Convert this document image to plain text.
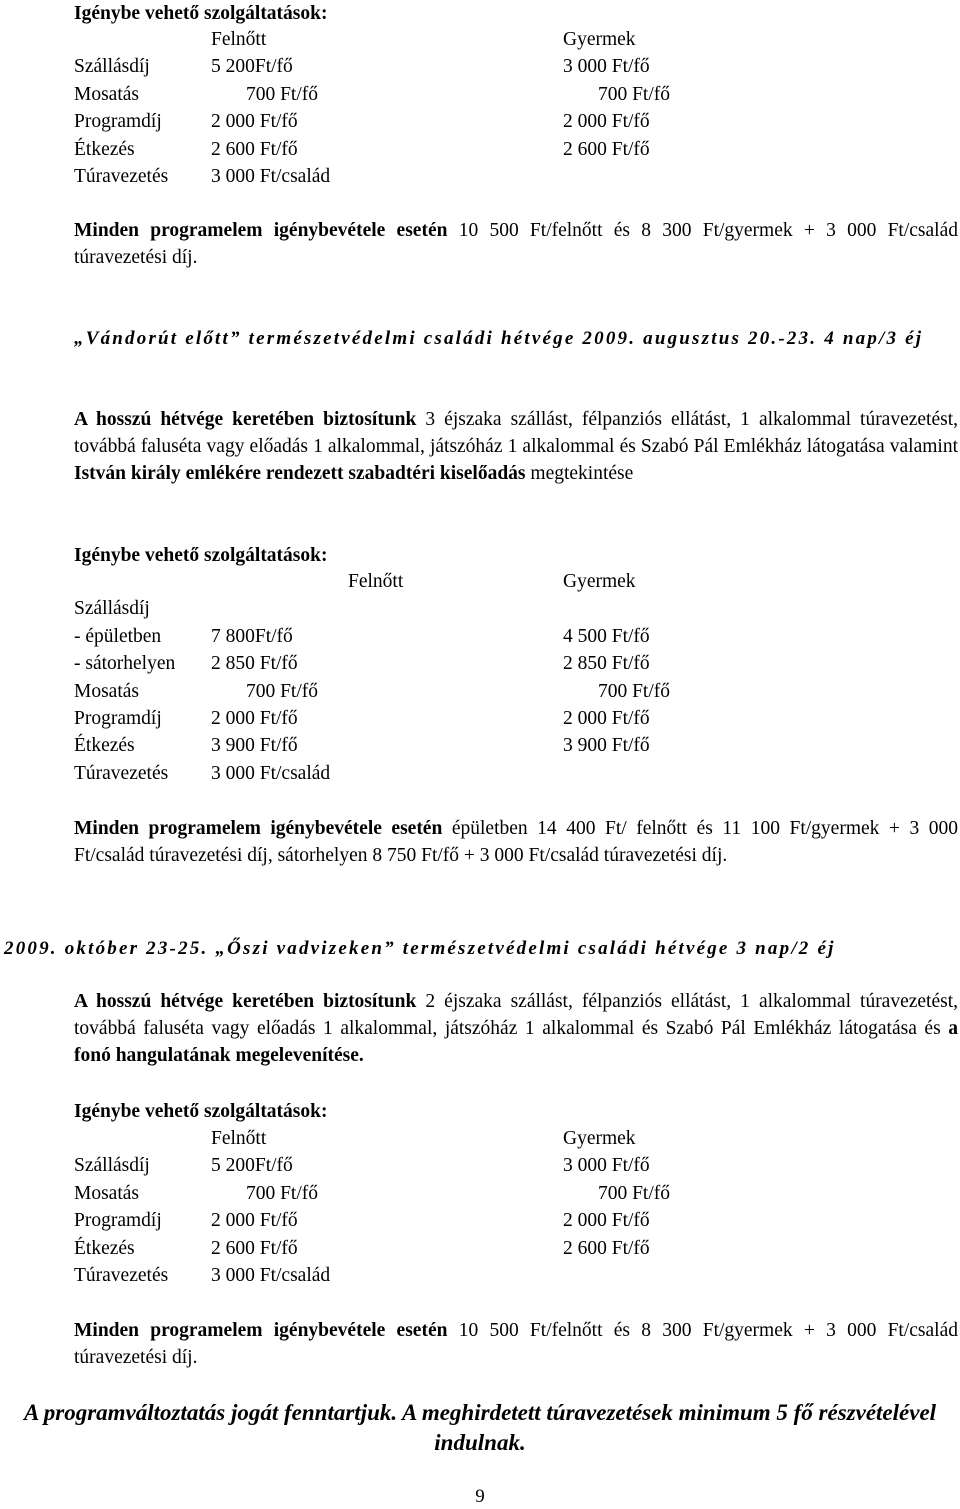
Igénybe vehető szolgáltatások:
	Felnőtt	Gyermek
Szállásdíj	5 200Ft/fő	3 000 Ft/fő
Mosatás	700 Ft/fő	700 Ft/fő

Programdíj	2 000 Ft/fő	2 000 Ft/fő
Étkezés	2 600 Ft/fő	2 600 Ft/fő
Túravezetés	3 000 Ft/család	
Minden programelem igénybevétele esetén 10 500 Ft/felnőtt és 8 300 Ft/gyermek + 3 000 Ft/család túravezetési díj.
„Vándorút előtt” természetvédelmi családi hétvége 2009. augusztus 20.-23. 4 nap/3 éj
A hosszú hétvége keretében biztosítunk 3 éjszaka szállást, félpanziós ellátást, 1 alkalommal túravezetést, továbbá faluséta vagy előadás 1 alkalommal, játszóház 1 alkalommal és Szabó Pál Emlékház látogatása valamint István király emlékére rendezett szabadtéri kiselőadás megtekintése
Igénybe vehető szolgáltatások:

	Felnőtt	Gyermek
Szállásdíj		
- épületben	7 800Ft/fő	4 500 Ft/fő
- sátorhelyen	2 850 Ft/fő	2 850 Ft/fő
Mosatás	700 Ft/fő	700 Ft/fő

Programdíj	2 000 Ft/fő	2 000 Ft/fő
Étkezés	3 900 Ft/fő	3 900 Ft/fő
Túravezetés	3 000 Ft/család	
Minden programelem igénybevétele esetén épületben 14 400 Ft/ felnőtt és 11 100 Ft/gyermek + 3 000 Ft/család túravezetési díj, sátorhelyen 8 750 Ft/fő + 3 000 Ft/család túravezetési díj.
2009. október 23-25. „Őszi vadvizeken” természetvédelmi családi hétvége 3 nap/2 éj
A hosszú hétvége keretében biztosítunk 2 éjszaka szállást, félpanziós ellátást, 1 alkalommal túravezetést, továbbá faluséta vagy előadás 1 alkalommal, játszóház 1 alkalommal és Szabó Pál Emlékház látogatása és a fonó hangulatának megelevenítése.
Igénybe vehető szolgáltatások:
	Felnőtt	Gyermek
Szállásdíj	5 200Ft/fő	3 000 Ft/fő
Mosatás	700 Ft/fő	700 Ft/fő

Programdíj	2 000 Ft/fő	2 000 Ft/fő
Étkezés	2 600 Ft/fő	2 600 Ft/fő
Túravezetés	3 000 Ft/család	
Minden programelem igénybevétele esetén 10 500 Ft/felnőtt és 8 300 Ft/gyermek + 3 000 Ft/család túravezetési díj.
A programváltoztatás jogát fenntartjuk. A meghirdetett túravezetések minimum 5 fő részvételével indulnak.
9
